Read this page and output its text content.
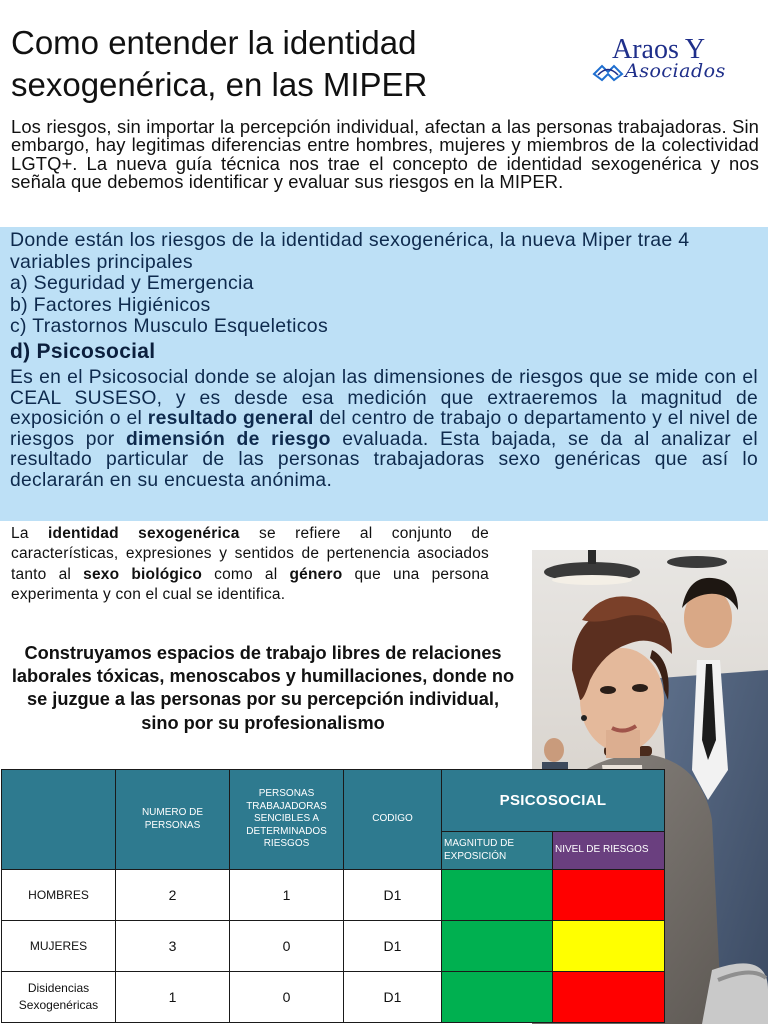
Como entender la identidad
sexogenérica, en las MIPER
Araos Y
Asociados

Los riesgos, sin importar la percepción individual, afectan a las personas trabajadoras. Sin embargo, hay legitimas diferencias entre hombres, mujeres y miembros de la colectividad LGTQ+. La nueva guía técnica nos trae el concepto de identidad sexogenérica y nos señala que debemos identificar y evaluar sus riesgos en la MIPER.

Donde están los riesgos de la identidad sexogenérica, la nueva Miper trae 4 variables principales
a) Seguridad y Emergencia
b) Factores Higiénicos
c) Trastornos Musculo Esqueleticos
d) Psicosocial

Es en el Psicosocial donde se alojan las dimensiones de riesgos que se mide con el CEAL SUSESO, y es desde esa medición que extraeremos la magnitud de exposición o el resultado general del centro de trabajo o departamento y el nivel de riesgos por dimensión de riesgo evaluada. Esta bajada, se da al analizar el resultado particular de las personas trabajadoras sexo genéricas que así lo declararán en su encuesta anónima.

La identidad sexogenérica se refiere al conjunto de características, expresiones y sentidos de pertenencia asociados tanto al sexo biológico como al género que una persona experimenta y con el cual se identifica.

Construyamos espacios de trabajo libres de relaciones laborales tóxicas, menoscabos y humillaciones, donde no se juzgue a las personas por su percepción individual, sino por su profesionalismo

	NUMERO DE PERSONAS	PERSONAS TRABAJADORAS SENCIBLES A DETERMINADOS RIESGOS	CODIGO	PSICOSOCIAL	
				MAGNITUD DE EXPOSICIÓN	NIVEL DE RIESGOS
HOMBRES	2	1	D1		
MUJERES	3	0	D1		
Disidencias Sexogenéricas	1	0	D1		
